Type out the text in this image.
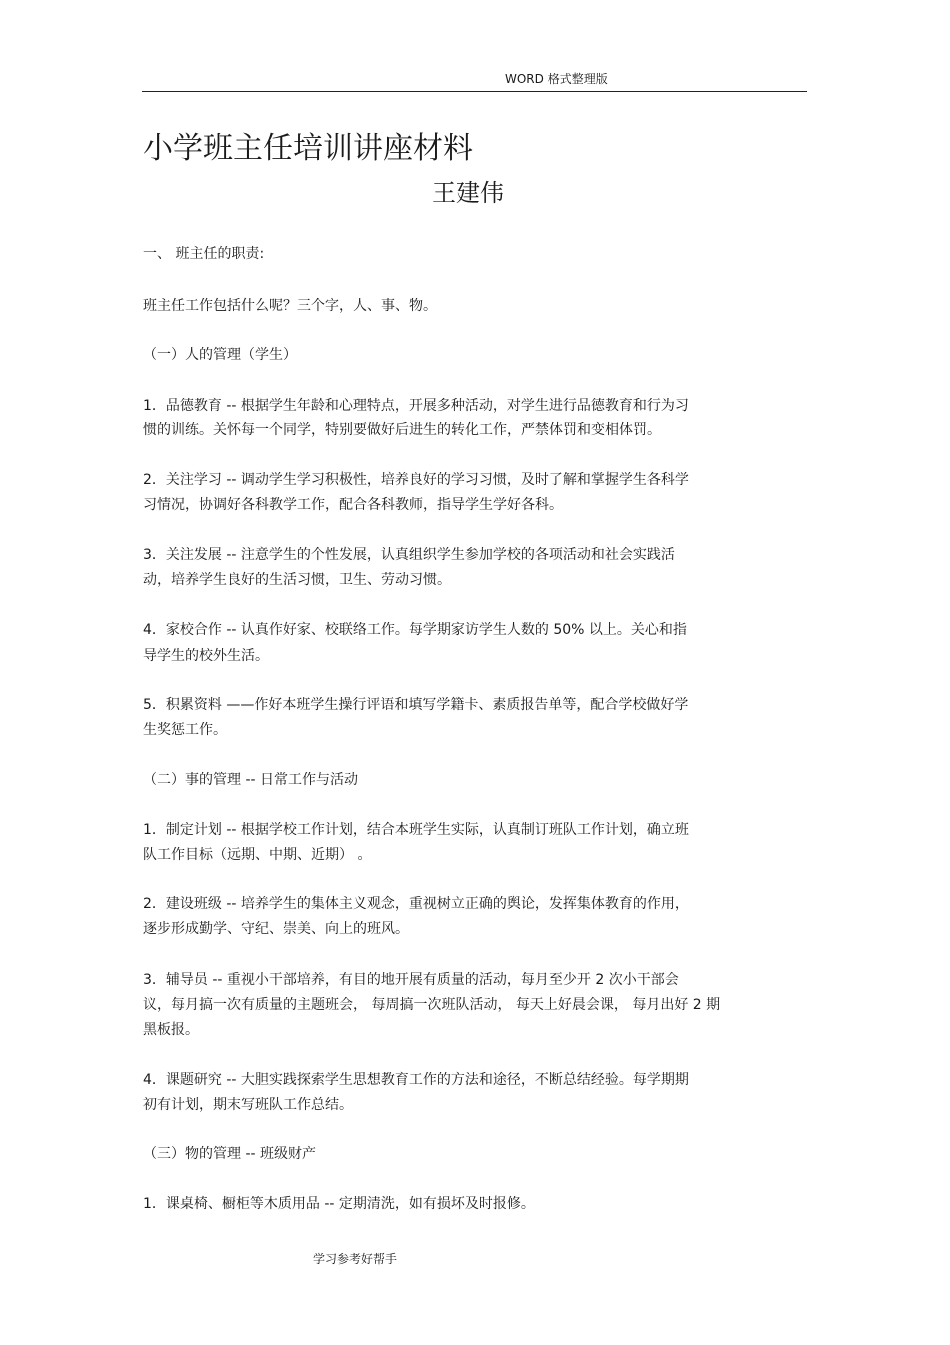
WORD 格式整理版
小学班主任培训讲座材料
王建伟
一、 班主任的职责:
班主任工作包括什么呢？三个字，人、事、物。
（一）人的管理（学生）
1．品德教育 -- 根据学生年龄和心理特点，开展多种活动，对学生进行品德教育和行为习
惯的训练。关怀每一个同学，特别要做好后进生的转化工作，严禁体罚和变相体罚。
2．关注学习 -- 调动学生学习积极性，培养良好的学习习惯，及时了解和掌握学生各科学
习情况，协调好各科教学工作，配合各科教师，指导学生学好各科。
3．关注发展 -- 注意学生的个性发展，认真组织学生参加学校的各项活动和社会实践活
动，培养学生良好的生活习惯，卫生、劳动习惯。
4．家校合作 -- 认真作好家、校联络工作。每学期家访学生人数的 50% 以上。关心和指
导学生的校外生活。
5．积累资料 ——作好本班学生操行评语和填写学籍卡、素质报告单等，配合学校做好学
生奖惩工作。
（二）事的管理 -- 日常工作与活动
1．制定计划 -- 根据学校工作计划，结合本班学生实际，认真制订班队工作计划，确立班
队工作目标（远期、中期、近期） 。
2．建设班级 -- 培养学生的集体主义观念，重视树立正确的舆论，发挥集体教育的作用，
逐步形成勤学、守纪、崇美、向上的班风。
3．辅导员 -- 重视小干部培养，有目的地开展有质量的活动，每月至少开 2 次小干部会
议，每月搞一次有质量的主题班会， 每周搞一次班队活动， 每天上好晨会课， 每月出好 2 期
黑板报。
4．课题研究 -- 大胆实践探索学生思想教育工作的方法和途径，不断总结经验。每学期期
初有计划，期末写班队工作总结。
（三）物的管理 -- 班级财产
1．课桌椅、橱柜等木质用品 -- 定期清洗，如有损坏及时报修。
学习参考好帮手
